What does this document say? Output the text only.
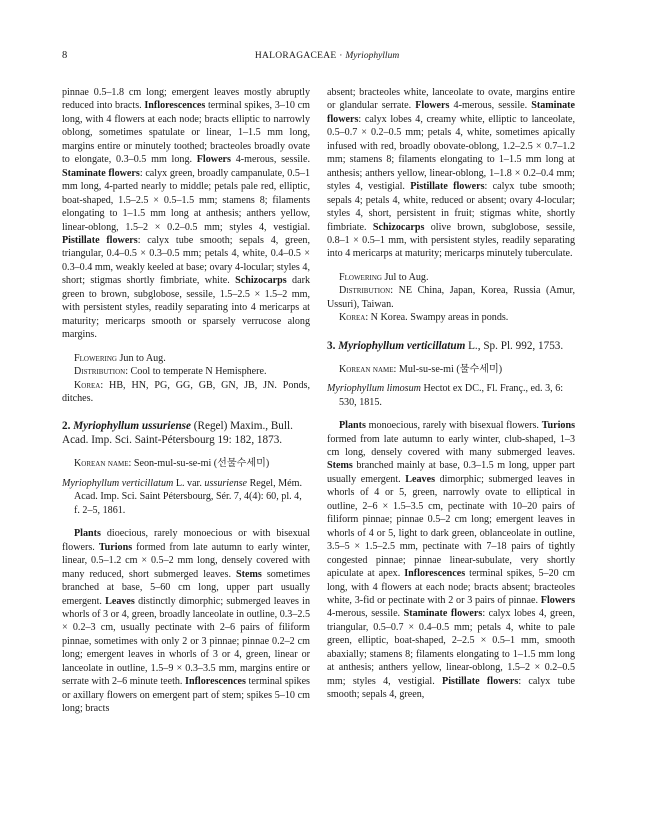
8	HALORAGACEAE · Myriophyllum

pinnae 0.5–1.8 cm long; emergent leaves mostly abruptly reduced into bracts. Inflorescences terminal spikes, 3–10 cm long, with 4 flowers at each node; bracts elliptic to narrowly oblong, sometimes spatulate or linear, 1–1.5 mm long, margins entire or minutely toothed; bracteoles broadly ovate to elongate, 0.3–0.5 mm long. Flowers 4-merous, sessile. Staminate flowers: calyx green, broadly campanulate, 0.5–1 mm long, 4-parted nearly to middle; petals pale red, elliptic, boat-shaped, 1.5–2.5 × 0.5–1.5 mm; stamens 8; filaments elongating to 1–1.5 mm long at anthesis; anthers yellow, linear-oblong, 1.5–2 × 0.2–0.5 mm; styles 4, vestigial. Pistillate flowers: calyx tube smooth; sepals 4, green, triangular, 0.4–0.5 × 0.3–0.5 mm; petals 4, white, 0.4–0.5 × 0.3–0.4 mm, weakly keeled at base; ovary 4-locular; styles 4, short; stigmas shortly fimbriate, white. Schizocarps dark green to brown, subglobose, sessile, 1.5–2.5 × 1.5–2 mm, with persistent styles, readily separating into 4 mericarps at maturity; mericarps smooth or sparsely verrucose along margins.

Flowering Jun to Aug.

Distribution: Cool to temperate N Hemisphere.

Korea: HB, HN, PG, GG, GB, GN, JB, JN. Ponds, ditches.

2. Myriophyllum ussuriense (Regel) Maxim., Bull. Acad. Imp. Sci. Saint-Pétersbourg 19: 182, 1873.

Korean name: Seon-mul-su-se-mi (선물수세미)

Myriophyllum verticillatum L. var. ussuriense Regel, Mém. Acad. Imp. Sci. Saint Pétersbourg, Sér. 7, 4(4): 60, pl. 4, f. 2–5, 1861.

Plants dioecious, rarely monoecious or with bisexual flowers. Turions formed from late autumn to early winter, linear, 0.5–1.2 cm × 0.5–2 mm long, densely covered with many reduced, short submerged leaves. Stems sometimes branched at base, 5–60 cm long, upper part usually emergent. Leaves distinctly dimorphic; submerged leaves in whorls of 3 or 4, green, broadly lanceolate in outline, 0.3–2.5 × 0.2–3 cm, usually pectinate with 2–6 pairs of filiform pinnae, sometimes with only 2 or 3 pinnae; pinnae 0.2–2 cm long; emergent leaves in whorls of 3 or 4, green, linear or lanceolate in outline, 1.5–9 × 0.3–3.5 mm, margins entire or serrate with 2–6 minute teeth. Inflorescences terminal spikes or axillary flowers on emergent part of stem; spikes 5–10 cm long; bracts

absent; bracteoles white, lanceolate to ovate, margins entire or glandular serrate. Flowers 4-merous, sessile. Staminate flowers: calyx lobes 4, creamy white, elliptic to lanceolate, 0.5–0.7 × 0.2–0.5 mm; petals 4, white, sometimes apically infused with red, broadly obovate-oblong, 1.2–2.5 × 0.7–1.2 mm; stamens 8; filaments elongating to 1–1.5 mm long at anthesis; anthers yellow, linear-oblong, 1–1.8 × 0.2–0.4 mm; styles 4, vestigial. Pistillate flowers: calyx tube smooth; sepals 4; petals 4, white, reduced or absent; ovary 4-locular; styles 4, short, persistent in fruit; stigmas white, shortly fimbriate. Schizocarps olive brown, subglobose, sessile, 0.8–1 × 0.5–1 mm, with persistent styles, readily separating into 4 mericarps at maturity; mericarps minutely tuberculate.

Flowering Jul to Aug.

Distribution: NE China, Japan, Korea, Russia (Amur, Ussuri), Taiwan.

Korea: N Korea. Swampy areas in ponds.

3. Myriophyllum verticillatum L., Sp. Pl. 992, 1753.

Korean name: Mul-su-se-mi (물수세미)

Myriophyllum limosum Hectot ex DC., Fl. Franç., ed. 3, 6: 530, 1815.

Plants monoecious, rarely with bisexual flowers. Turions formed from late autumn to early winter, club-shaped, 1–3 cm long, densely covered with many submerged leaves. Stems branched mainly at base, 0.3–1.5 m long, upper part usually emergent. Leaves dimorphic; submerged leaves in whorls of 4 or 5, green, narrowly ovate to elliptical in outline, 2–6 × 1.5–3.5 cm, pectinate with 10–20 pairs of filiform pinnae; pinnae 0.5–2 cm long; emergent leaves in whorls of 4 or 5, light to dark green, oblanceolate in outline, 3.5–5 × 1.5–2.5 mm, pectinate with 7–18 pairs of tightly congested pinnae; pinnae linear-subulate, very shortly apiculate at apex. Inflorescences terminal spikes, 5–20 cm long, with 4 flowers at each node; bracts absent; bracteoles white, 3-fid or pectinate with 2 or 3 pairs of pinnae. Flowers 4-merous, sessile. Staminate flowers: calyx lobes 4, green, triangular, 0.5–0.7 × 0.4–0.5 mm; petals 4, white to pale green, elliptic, boat-shaped, 2–2.5 × 0.5–1 mm, smooth abaxially; stamens 8; filaments elongating to 1–1.5 mm long at anthesis; anthers yellow, linear-oblong, 1.5–2 × 0.2–0.5 mm; styles 4, vestigial. Pistillate flowers: calyx tube smooth; sepals 4, green,
